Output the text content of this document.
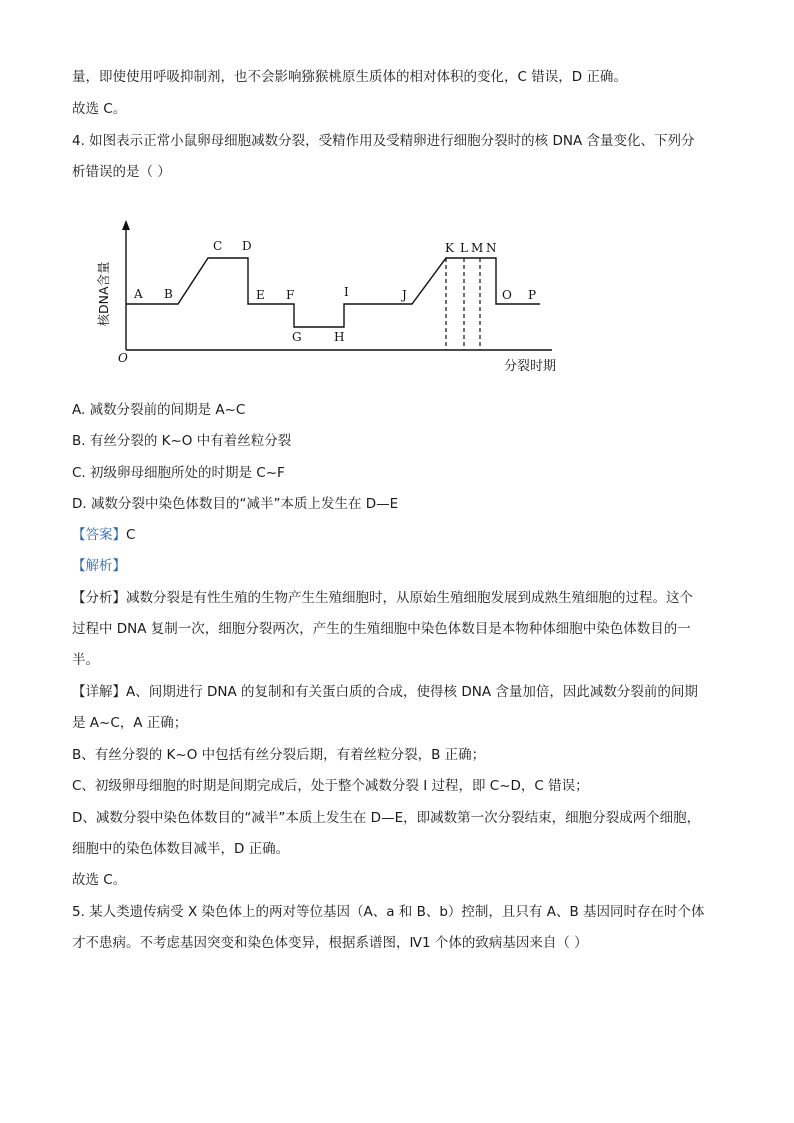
量，即使使用呼吸抑制剂，也不会影响猕猴桃原生质体的相对体积的变化，C 错误，D 正确。
故选 C。
4. 如图表示正常小鼠卵母细胞减数分裂，受精作用及受精卵进行细胞分裂时的核 DNA 含量变化、下列分
析错误的是（ ）
核DNA含量
O
分裂时期
A B
C D
E F
G	H
I	J
K L M N
O P
A. 减数分裂前的间期是 A~C
B. 有丝分裂的 K~O 中有着丝粒分裂
C. 初级卵母细胞所处的时期是 C~F
D. 减数分裂中染色体数目的“减半”本质上发生在 D—E
【答案】C
【解析】
【分析】减数分裂是有性生殖的生物产生生殖细胞时，从原始生殖细胞发展到成熟生殖细胞的过程。这个
过程中 DNA 复制一次，细胞分裂两次，产生的生殖细胞中染色体数目是本物种体细胞中染色体数目的一
半。
【详解】A、间期进行 DNA 的复制和有关蛋白质的合成，使得核 DNA 含量加倍，因此减数分裂前的间期
是 A~C，A 正确；
B、有丝分裂的 K~O 中包括有丝分裂后期，有着丝粒分裂，B 正确；
C、初级卵母细胞的时期是间期完成后，处于整个减数分裂 I 过程，即 C~D，C 错误；
D、减数分裂中染色体数目的“减半”本质上发生在 D—E，即减数第一次分裂结束，细胞分裂成两个细胞，
细胞中的染色体数目减半，D 正确。
故选 C。
5. 某人类遗传病受 X 染色体上的两对等位基因（A、a 和 B、b）控制，且只有 A、B 基因同时存在时个体
才不患病。不考虑基因突变和染色体变异，根据系谱图，Ⅳ1 个体的致病基因来自（ ）
